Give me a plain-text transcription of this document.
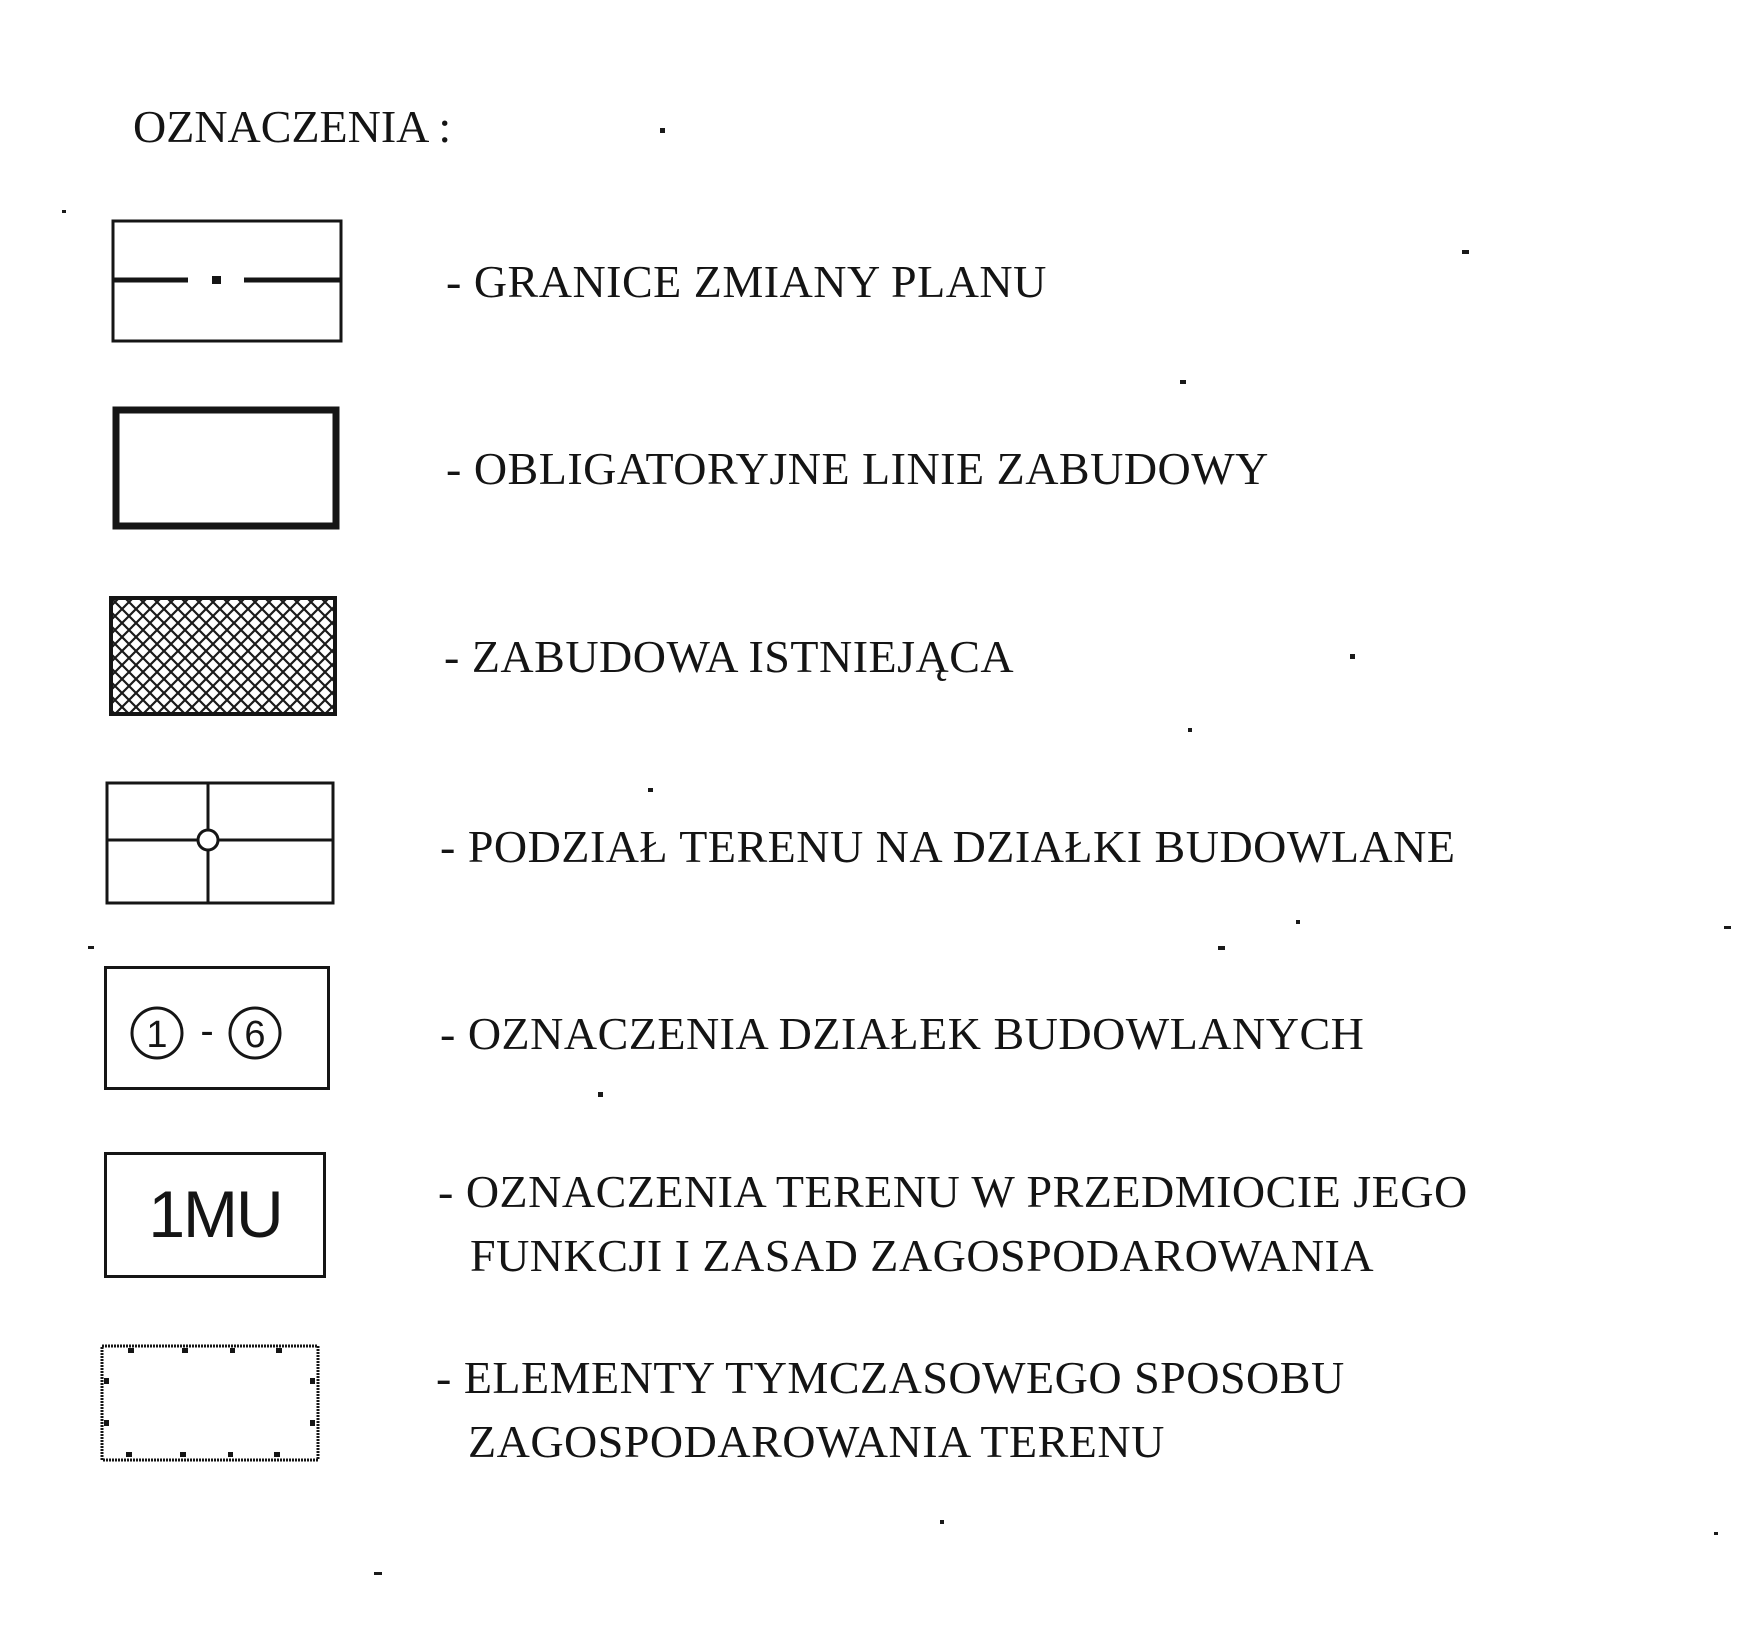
OZNACZENIA :
- GRANICE ZMIANY PLANU
- OBLIGATORYJNE LINIE ZABUDOWY
- ZABUDOWA ISTNIEJĄCA
- PODZIAŁ TERENU NA DZIAŁKI BUDOWLANE
1 - 6	- OZNACZENIA DZIAŁEK BUDOWLANYCH
1MU	- OZNACZENIA TERENU W PRZEDMIOCIE JEGO
FUNKCJI I ZASAD ZAGOSPODAROWANIA
- ELEMENTY TYMCZASOWEGO SPOSOBU
ZAGOSPODAROWANIA TERENU
